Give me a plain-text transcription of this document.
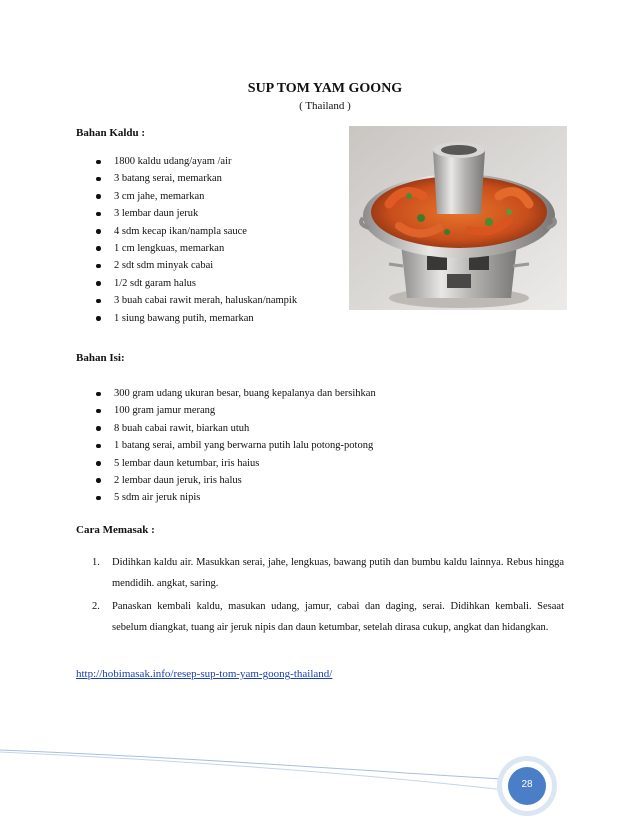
SUP TOM YAM GOONG
( Thailand )
Bahan Kaldu :
1800 kaldu udang/ayam /air
3 batang serai, memarkan
3 cm jahe, memarkan
3 lembar daun jeruk
4 sdm kecap ikan/nampla sauce
1 cm lengkuas, memarkan
2 sdt sdm minyak cabai
1/2 sdt garam halus
3 buah cabai rawit merah, haluskan/nampik
1 siung bawang putih, memarkan
Bahan Isi:
300 gram udang ukuran besar, buang kepalanya dan bersihkan
100 gram jamur merang
8 buah cabai rawit, biarkan utuh
1 batang serai, ambil yang berwarna putih lalu potong-potong
5 lembar daun ketumbar, iris haius
2 lembar daun jeruk, iris halus
5 sdm air jeruk nipis
Cara Memasak :
1. Didihkan kaldu air. Masukkan serai, jahe, lengkuas, bawang putih dan bumbu kaldu lainnya. Rebus hingga mendidih. angkat, saring.
2. Panaskan kembali kaldu, masukan udang, jamur, cabai dan daging, serai. Didihkan kembali. Sesaat sebelum diangkat, tuang air jeruk nipis dan daun ketumbar, setelah dirasa cukup, angkat dan hidangkan.
http://hobimasak.info/resep-sup-tom-yam-goong-thailand/
28
